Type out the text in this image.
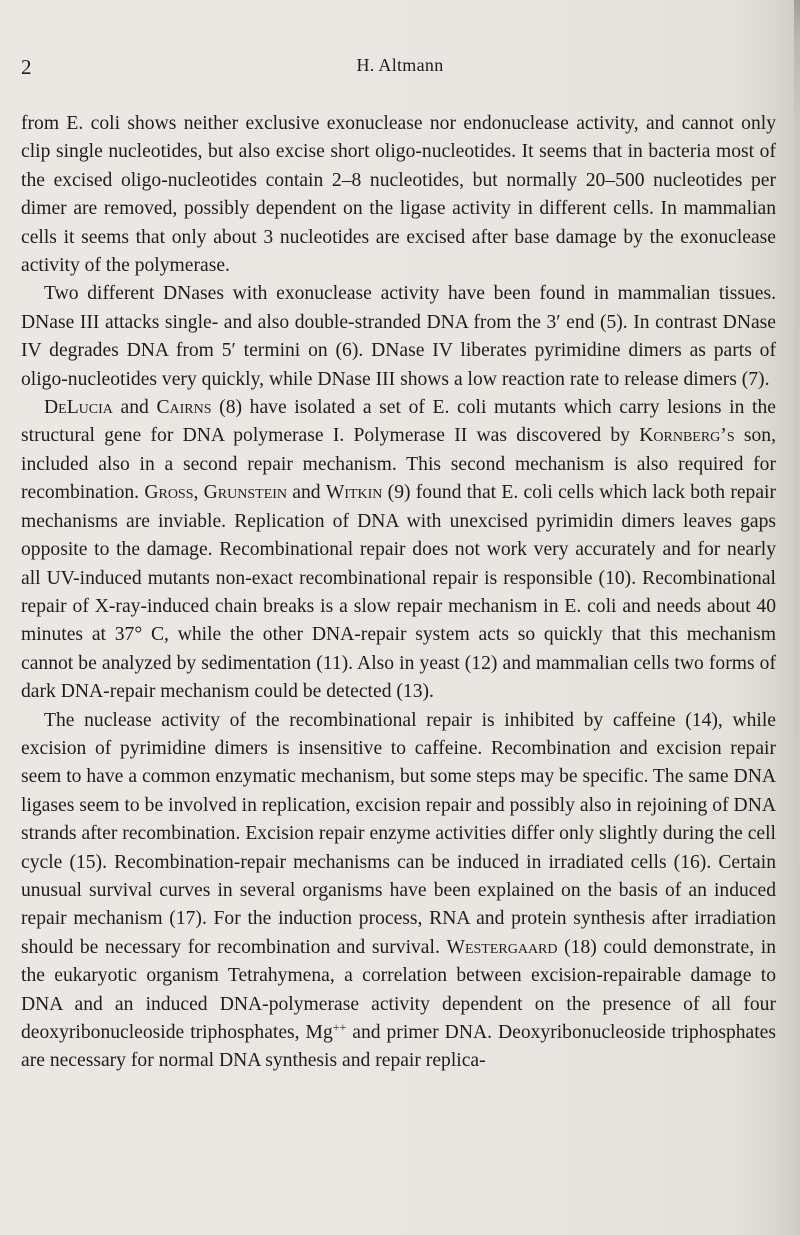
2	H. Altmann

from E. coli shows neither exclusive exonuclease nor endonuclease activity, and cannot only clip single nucleotides, but also excise short oligo-nucleotides. It seems that in bacteria most of the excised oligo-nucleotides contain 2–8 nucleotides, but normally 20–500 nucleotides per dimer are removed, possibly dependent on the ligase activity in different cells. In mammalian cells it seems that only about 3 nucleotides are excised after base damage by the exonuclease activity of the polymerase.

Two different DNases with exonuclease activity have been found in mammalian tissues. DNase III attacks single- and also double-stranded DNA from the 3′ end (5). In contrast DNase IV degrades DNA from 5′ termini on (6). DNase IV liberates pyrimidine dimers as parts of oligo-nucleotides very quickly, while DNase III shows a low reaction rate to release dimers (7).

DeLucia and Cairns (8) have isolated a set of E. coli mutants which carry lesions in the structural gene for DNA polymerase I. Polymerase II was discovered by Kornberg’s son, included also in a second repair mechanism. This second mechanism is also required for recombination. Gross, Grunstein and Witkin (9) found that E. coli cells which lack both repair mechanisms are inviable. Replication of DNA with unexcised pyrimidin dimers leaves gaps opposite to the damage. Recombinational repair does not work very accurately and for nearly all UV-induced mutants non-exact recombinational repair is responsible (10). Recombinational repair of X-ray-induced chain breaks is a slow repair mechanism in E. coli and needs about 40 minutes at 37° C, while the other DNA-repair system acts so quickly that this mechanism cannot be analyzed by sedimentation (11). Also in yeast (12) and mammalian cells two forms of dark DNA-repair mechanism could be detected (13).

The nuclease activity of the recombinational repair is inhibited by caffeine (14), while excision of pyrimidine dimers is insensitive to caffeine. Recombination and excision repair seem to have a common enzymatic mechanism, but some steps may be specific. The same DNA ligases seem to be involved in replication, excision repair and possibly also in rejoining of DNA strands after recombination. Excision repair enzyme activities differ only slightly during the cell cycle (15). Recombination-repair mechanisms can be induced in irradiated cells (16). Certain unusual survival curves in several organisms have been explained on the basis of an induced repair mechanism (17). For the induction process, RNA and protein synthesis after irradiation should be necessary for recombination and survival. Westergaard (18) could demonstrate, in the eukaryotic organism Tetrahymena, a correlation between excision-repairable damage to DNA and an induced DNA-polymerase activity dependent on the presence of all four deoxyribonucleoside triphosphates, Mg++ and primer DNA. Deoxyribonucleoside triphosphates are necessary for normal DNA synthesis and repair replica-
